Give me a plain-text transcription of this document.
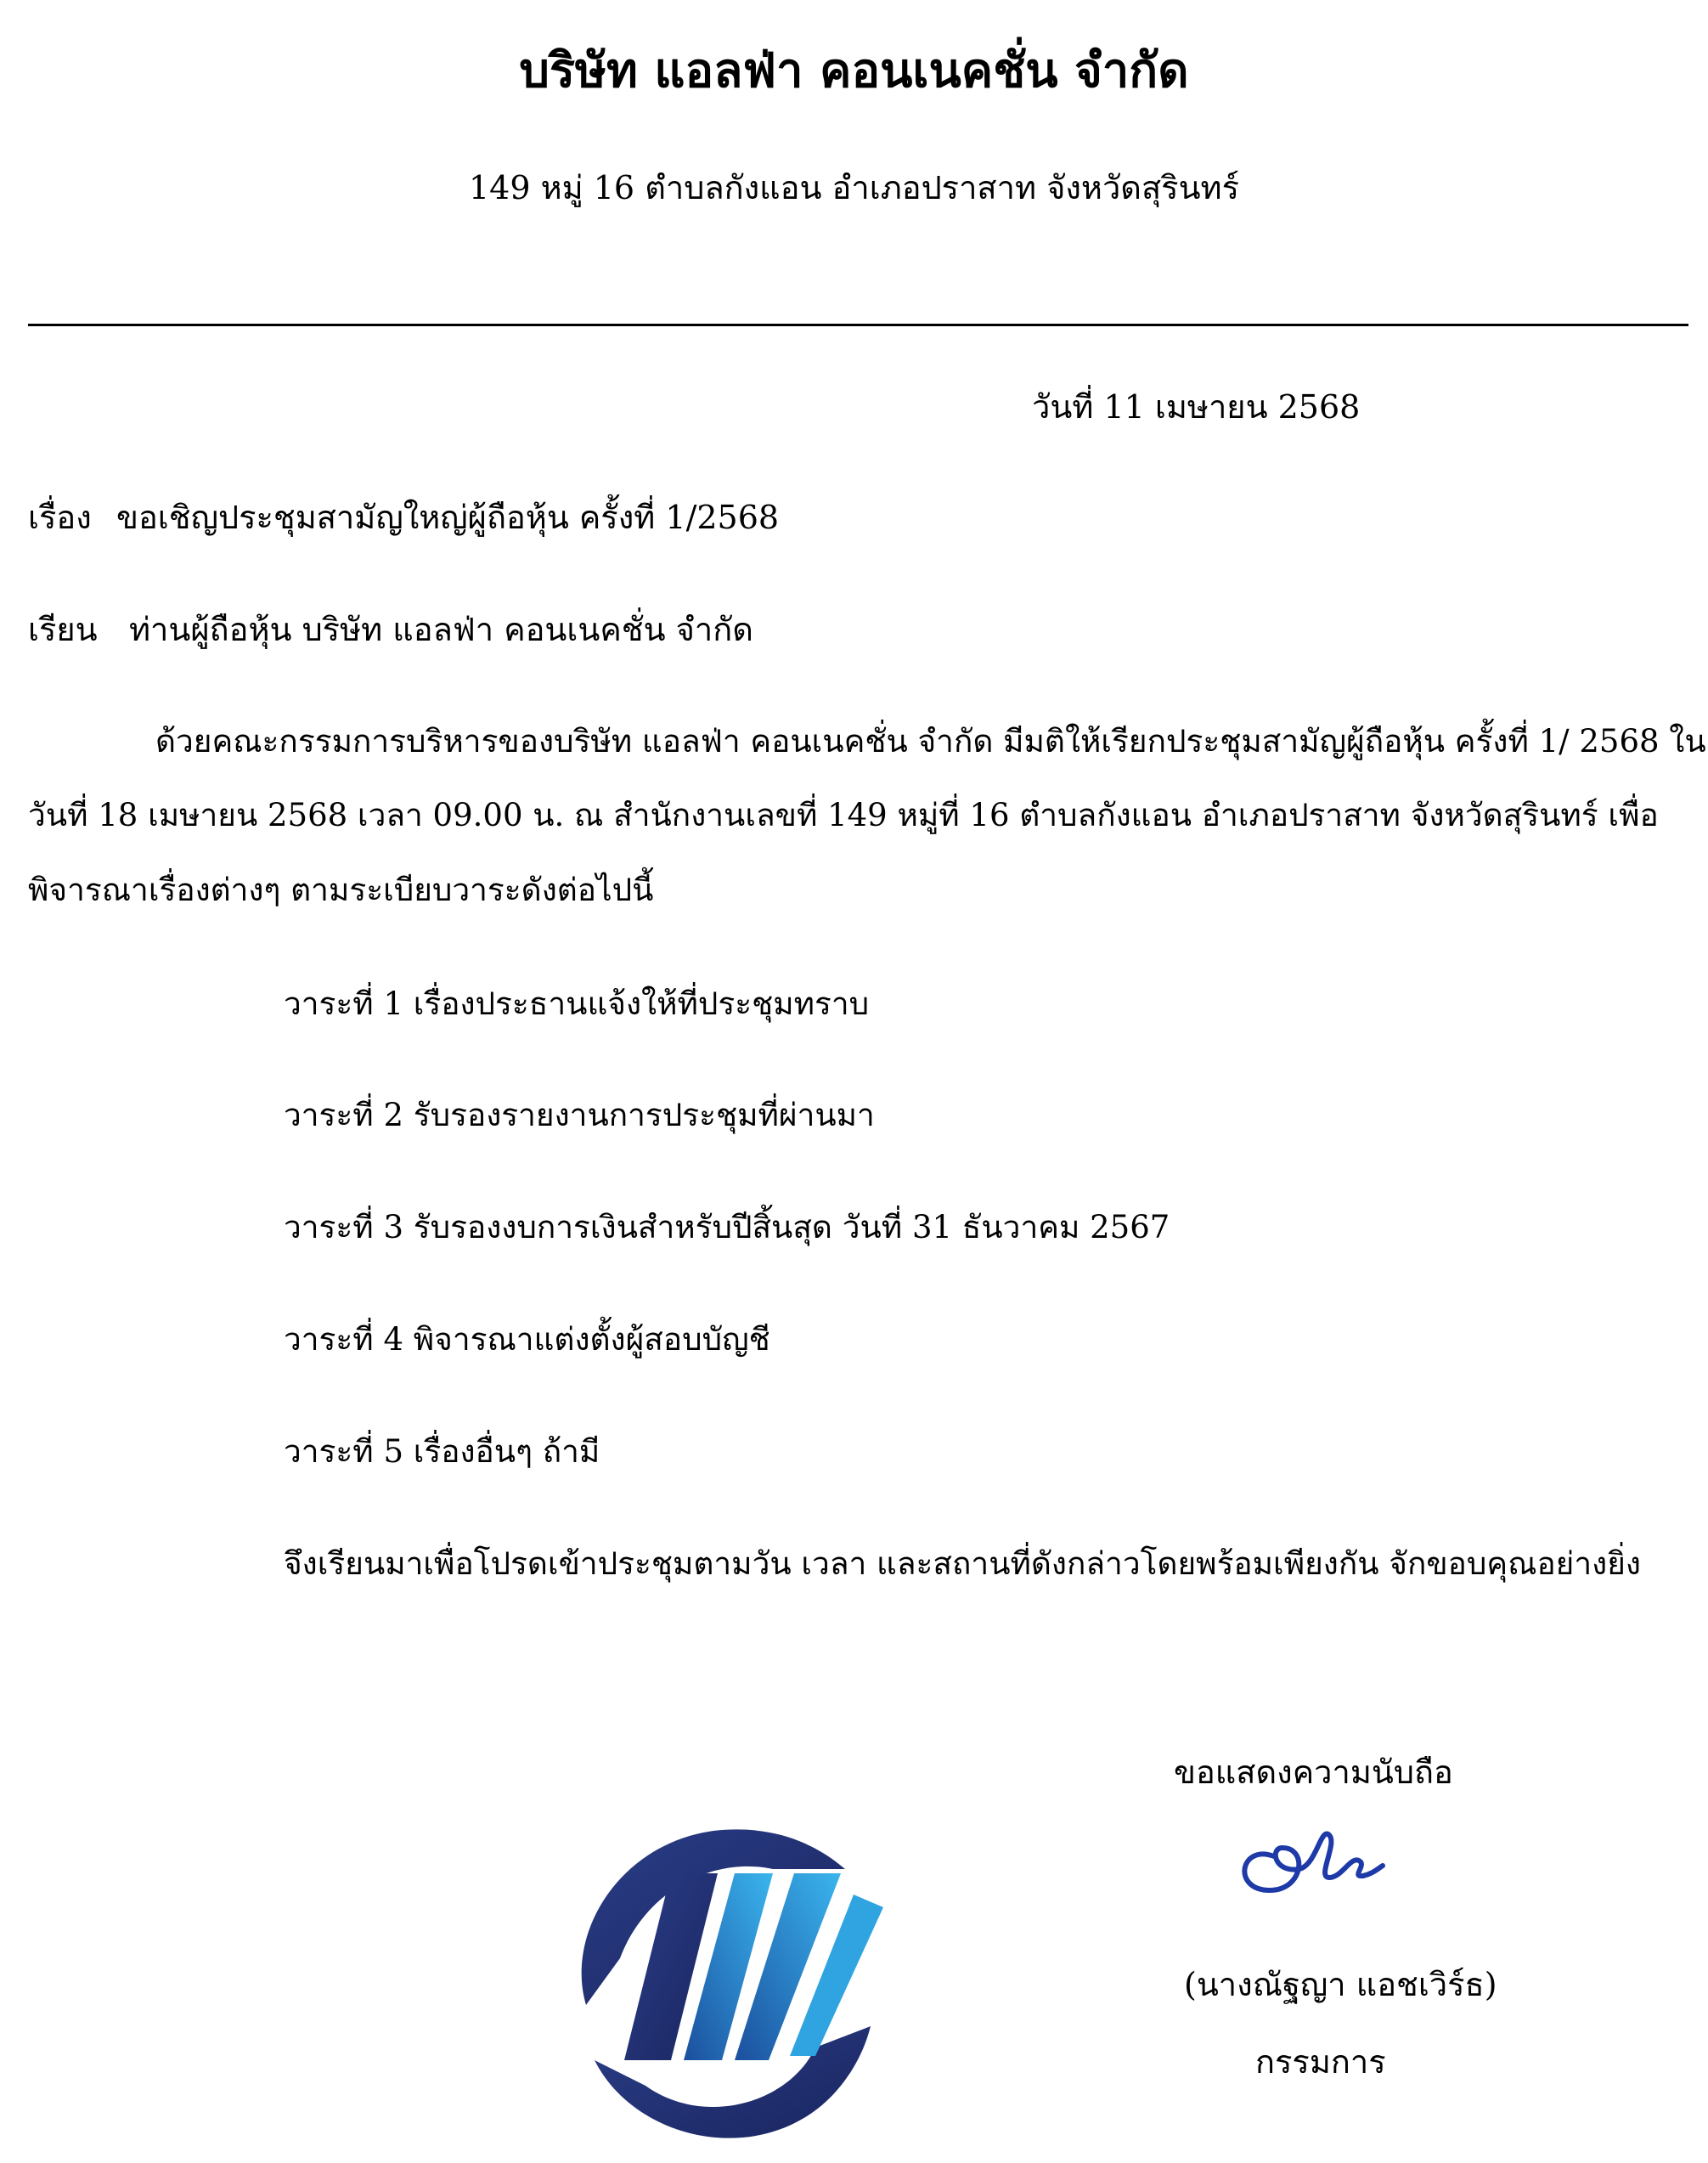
บริษัท แอลฟ่า คอนเนคชั่น จำกัด
149 หมู่ 16 ตำบลกังแอน อำเภอปราสาท จังหวัดสุรินทร์
วันที่ 11 เมษายน 2568
เรื่อง ขอเชิญประชุมสามัญใหญ่ผู้ถือหุ้น ครั้งที่ 1/2568
เรียน ท่านผู้ถือหุ้น บริษัท แอลฟ่า คอนเนคชั่น จำกัด
ด้วยคณะกรรมการบริหารของบริษัท แอลฟ่า คอนเนคชั่น จำกัด มีมติให้เรียกประชุมสามัญผู้ถือหุ้น ครั้งที่ 1/ 2568 ใน
วันที่ 18 เมษายน 2568 เวลา 09.00 น. ณ สำนักงานเลขที่ 149 หมู่ที่ 16 ตำบลกังแอน อำเภอปราสาท จังหวัดสุรินทร์ เพื่อ
พิจารณาเรื่องต่างๆ ตามระเบียบวาระดังต่อไปนี้
วาระที่ 1 เรื่องประธานแจ้งให้ที่ประชุมทราบ
วาระที่ 2 รับรองรายงานการประชุมที่ผ่านมา
วาระที่ 3 รับรองงบการเงินสำหรับปีสิ้นสุด วันที่ 31 ธันวาคม 2567
วาระที่ 4 พิจารณาแต่งตั้งผู้สอบบัญชี
วาระที่ 5 เรื่องอื่นๆ ถ้ามี
จึงเรียนมาเพื่อโปรดเข้าประชุมตามวัน เวลา และสถานที่ดังกล่าวโดยพร้อมเพียงกัน จักขอบคุณอย่างยิ่ง
ขอแสดงความนับถือ
(นางณัฐญา แอชเวิร์ธ)
กรรมการ
